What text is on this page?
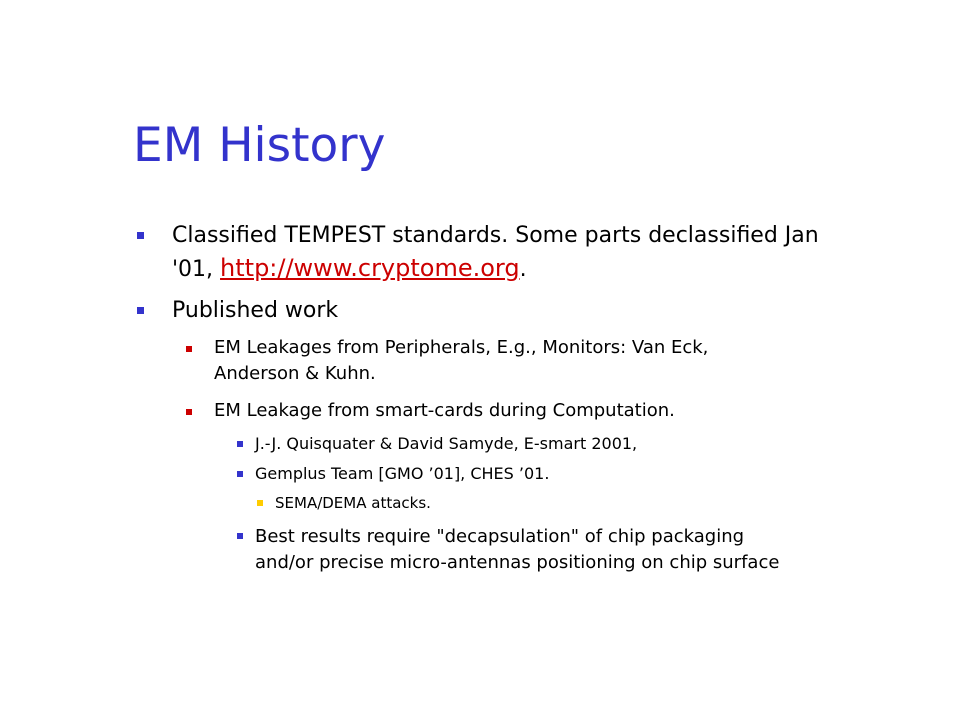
EM History
Classified TEMPEST standards. Some parts declassified Jan
'01, http://www.cryptome.org.
Published work
EM Leakages from Peripherals, E.g., Monitors: Van Eck,
Anderson & Kuhn.
EM Leakage from smart-cards during Computation.
J.-J. Quisquater & David Samyde, E-smart 2001,
Gemplus Team [GMO ’01], CHES ’01.
SEMA/DEMA attacks.
Best results require "decapsulation" of chip packaging
and/or precise micro-antennas positioning on chip surface
